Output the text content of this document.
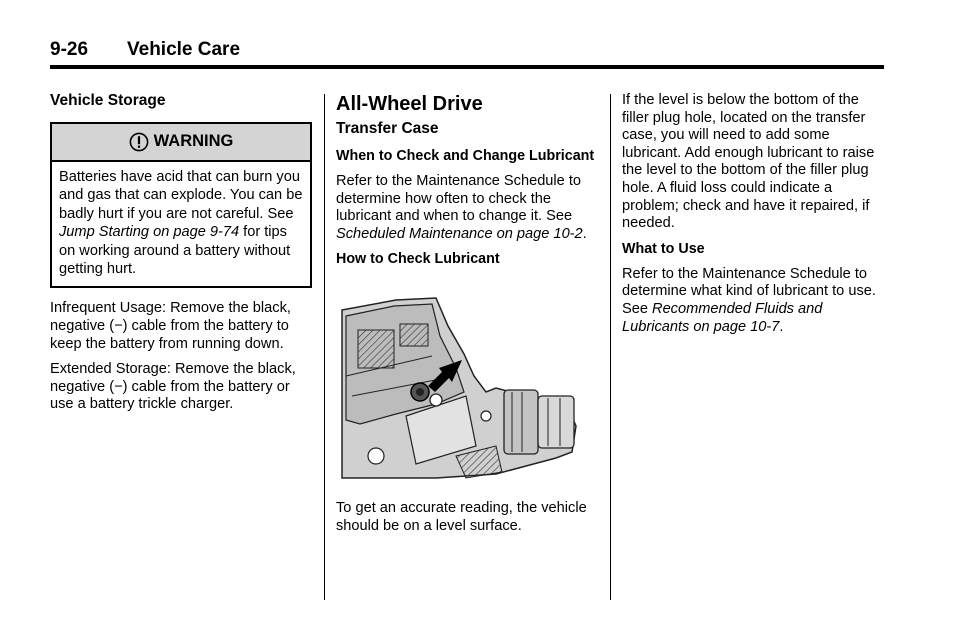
9-26 Vehicle Care
Vehicle Storage
WARNING
Batteries have acid that can burn you and gas that can explode. You can be badly hurt if you are not careful. See Jump Starting on page 9-74 for tips on working around a battery without getting hurt.

Infrequent Usage: Remove the black, negative (−) cable from the battery to keep the battery from running down.

Extended Storage: Remove the black, negative (−) cable from the battery or use a battery trickle charger.

All-Wheel Drive
Transfer Case
When to Check and Change Lubricant

Refer to the Maintenance Schedule to determine how often to check the lubricant and when to change it. See Scheduled Maintenance on page 10-2.

How to Check Lubricant

To get an accurate reading, the vehicle should be on a level surface.

If the level is below the bottom of the filler plug hole, located on the transfer case, you will need to add some lubricant. Add enough lubricant to raise the level to the bottom of the filler plug hole. A fluid loss could indicate a problem; check and have it repaired, if needed.

What to Use

Refer to the Maintenance Schedule to determine what kind of lubricant to use. See Recommended Fluids and Lubricants on page 10-7.
